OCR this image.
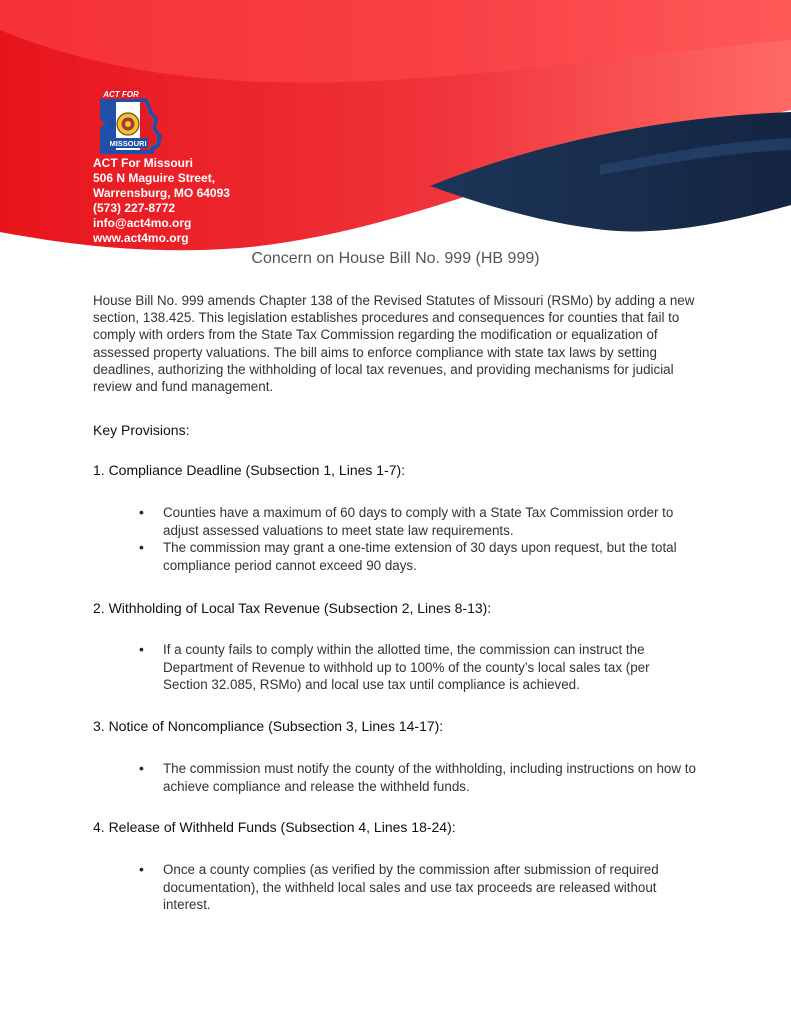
ACT FOR
MISSOURI
ACT For Missouri
506 N Maguire Street,
Warrensburg, MO 64093
(573) 227-8772
info@act4mo.org
www.act4mo.org
Concern on House Bill No. 999 (HB 999)

House Bill No. 999 amends Chapter 138 of the Revised Statutes of Missouri (RSMo) by adding a new section, 138.425. This legislation establishes procedures and consequences for counties that fail to comply with orders from the State Tax Commission regarding the modification or equalization of assessed property valuations. The bill aims to enforce compliance with state tax laws by setting deadlines, authorizing the withholding of local tax revenues, and providing mechanisms for judicial review and fund management.

Key Provisions:
1. Compliance Deadline (Subsection 1, Lines 1-7):
• Counties have a maximum of 60 days to comply with a State Tax Commission order to adjust assessed valuations to meet state law requirements.
• The commission may grant a one-time extension of 30 days upon request, but the total compliance period cannot exceed 90 days.
2. Withholding of Local Tax Revenue (Subsection 2, Lines 8-13):
• If a county fails to comply within the allotted time, the commission can instruct the Department of Revenue to withhold up to 100% of the county’s local sales tax (per Section 32.085, RSMo) and local use tax until compliance is achieved.
3. Notice of Noncompliance (Subsection 3, Lines 14-17):
• The commission must notify the county of the withholding, including instructions on how to achieve compliance and release the withheld funds.
4. Release of Withheld Funds (Subsection 4, Lines 18-24):
• Once a county complies (as verified by the commission after submission of required documentation), the withheld local sales and use tax proceeds are released without interest.
